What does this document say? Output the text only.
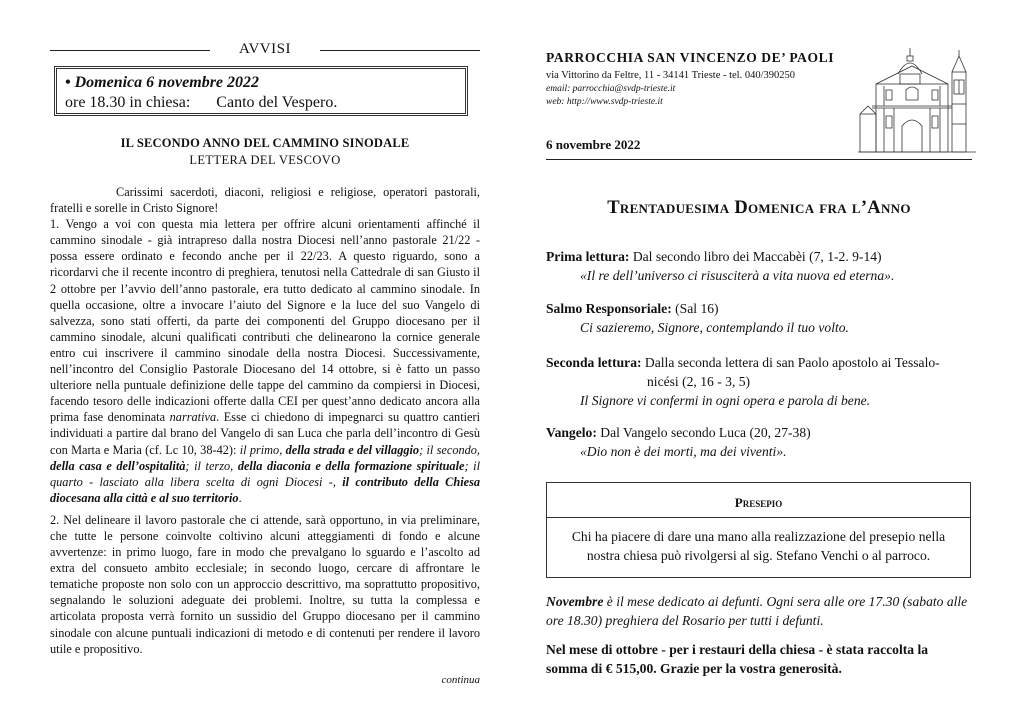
AVVISI
• Domenica 6 novembre 2022
ore 18.30 in chiesa: Canto del Vespero.
IL SECONDO ANNO DEL CAMMINO SINODALE
LETTERA DEL VESCOVO

Carissimi sacerdoti, diaconi, religiosi e religiose, operatori pastorali, fratelli e sorelle in Cristo Signore!

1. Vengo a voi con questa mia lettera per offrire alcuni orientamenti affinché il cammino sinodale - già intrapreso dalla nostra Diocesi nell’anno pastorale 21/22 - possa essere ordinato e fecondo anche per il 22/23. A questo riguardo, sono a ricordarvi che il recente incontro di preghiera, tenutosi nella Cattedrale di san Giusto il 2 ottobre per l’avvio dell’anno pastorale, era tutto dedicato al cammino sinodale. In quella occasione, oltre a invocare l’aiuto del Signore e la luce del suo Vangelo di salvezza, sono stati offerti, da parte dei componenti del Gruppo diocesano per il cammino sinodale, alcuni qualificati contributi che delinearono la cornice generale entro cui inscrivere il cammino sinodale della nostra Diocesi. Successivamente, nell’incontro del Consiglio Pastorale Diocesano del 14 ottobre, si è fatto un passo ulteriore nella puntuale definizione delle tappe del cammino da compiersi in Diocesi, facendo tesoro delle indicazioni offerte dalla CEI per quest’anno dedicato ancora alla prima fase denominata narrativa. Esse ci chiedono di impegnarci su quattro cantieri individuati a partire dal brano del Vangelo di san Luca che parla dell’incontro di Gesù con Marta e Maria (cf. Lc 10, 38-42): il primo, della strada e del villaggio; il secondo, della casa e dell’ospitalità; il terzo, della diaconia e della formazione spirituale; il quarto - lasciato alla libera scelta di ogni Diocesi -, il contributo della Chiesa diocesana alla città e al suo territorio.

2. Nel delineare il lavoro pastorale che ci attende, sarà opportuno, in via preliminare, che tutte le persone coinvolte coltivino alcuni atteggiamenti di fondo e alcune avvertenze: in primo luogo, fare in modo che prevalgano lo sguardo e l’ascolto ad extra del consueto ambito ecclesiale; in secondo luogo, cercare di affrontare le tematiche proposte non solo con un approccio descrittivo, ma soprattutto propositivo, segnalando le soluzioni adeguate dei problemi. Inoltre, su tutta la complessa e articolata proposta verrà fornito un sussidio del Gruppo diocesano per il cammino sinodale con alcune puntuali indicazioni di metodo e di contenuti per rendere il lavoro utile e propositivo.

continua
PARROCCHIA SAN VINCENZO DE’ PAOLI
via Vittorino da Feltre, 11 - 34141 Trieste - tel. 040/390250
email: parrocchia@svdp-trieste.it
web: http://www.svdp-trieste.it
6 novembre 2022
Trentaduesima Domenica fra l’Anno
Prima lettura: Dal secondo libro dei Maccabèi (7, 1-2. 9-14)
«Il re dell’universo ci risusciterà a vita nuova ed eterna».
Salmo Responsoriale: (Sal 16)
Ci sazieremo, Signore, contemplando il tuo volto.
Seconda lettura: Dalla seconda lettera di san Paolo apostolo ai Tessalo-
nicési (2, 16 - 3, 5)
Il Signore vi confermi in ogni opera e parola di bene.
Vangelo: Dal Vangelo secondo Luca (20, 27-38)
«Dio non è dei morti, ma dei viventi».
Presepio
Chi ha piacere di dare una mano alla realizzazione del presepio nella nostra chiesa può rivolgersi al sig. Stefano Venchi o al parroco.
Novembre è il mese dedicato ai defunti. Ogni sera alle ore 17.30 (sabato alle ore 18.30) preghiera del Rosario per tutti i defunti.
Nel mese di ottobre - per i restauri della chiesa - è stata raccolta la somma di € 515,00. Grazie per la vostra generosità.
